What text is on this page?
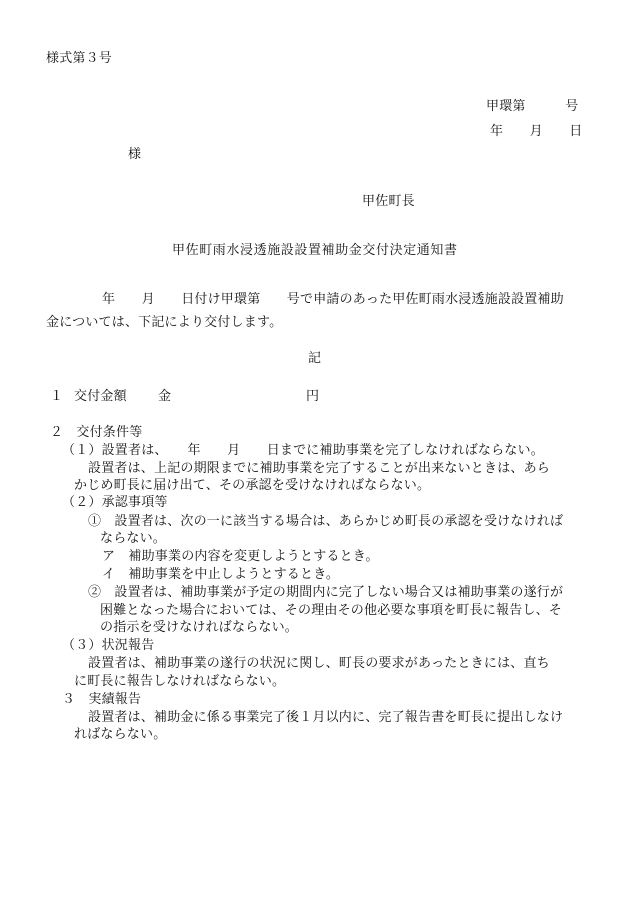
様式第３号
甲環第　　　号
年　　月　　日
様
甲佐町長
甲佐町雨水浸透施設設置補助金交付決定通知書
年　　月　　日付け甲環第　　号で申請のあった甲佐町雨水浸透施設設置補助
金については、下記により交付します。
記
１ 交付金額 金	円
２　交付条件等
（１）設置者は、　　年　　月　　日までに補助事業を完了しなければならない。
設置者は、上記の期限までに補助事業を完了することが出来ないときは、あら
かじめ町長に届け出て、その承認を受けなければならない。
（２）承認事項等
①　設置者は、次の一に該当する場合は、あらかじめ町長の承認を受けなければ
ならない。
ア　補助事業の内容を変更しようとするとき。
イ　補助事業を中止しようとするとき。
②　設置者は、補助事業が予定の期間内に完了しない場合又は補助事業の遂行が
困難となった場合においては、その理由その他必要な事項を町長に報告し、そ
の指示を受けなければならない。
（３）状況報告
設置者は、補助事業の遂行の状況に関し、町長の要求があったときには、直ち
に町長に報告しなければならない。
３　実績報告
設置者は、補助金に係る事業完了後１月以内に、完了報告書を町長に提出しなけ
ればならない。
